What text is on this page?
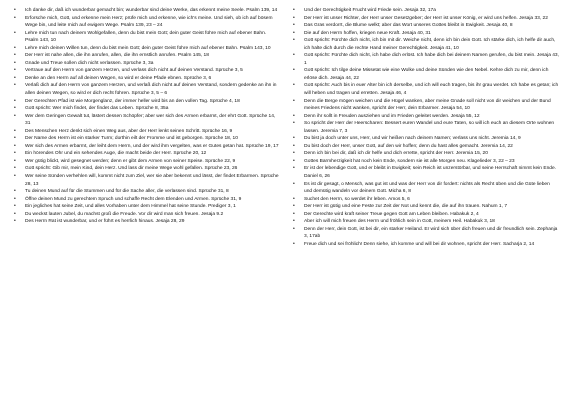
• Ich danke dir, daß ich wunderbar gemacht bin; wunderbar sind deine Werke, das erkennt meine Seele. Psalm 139, 14
• Erforsche mich, Gott, und erkenne mein Herz; prüfe mich und erkenne, wie ich's meine. Und sieh, ob ich auf bösem Wege bin, und leite mich auf ewigem Wege. Psalm 139, 23 – 24
• Lehre mich tun nach deinem Wohlgefallen, denn du bist mein Gott; dein guter Geist führe mich auf ebener Bahn. Psalm 143, 10
• Lehre mich deinen Willen tun, denn du bist mein Gott; dein guter Geist führe mich auf ebener Bahn. Psalm 143, 10
• Der Herr ist nahe allen, die ihn anrufen, allen, die ihn ernstlich anrufen. Psalm 145, 18
• Gnade und Treue sollen dich nicht verlassen. Sprüche 3, 3a
• Vertraue auf den Herrn von ganzem Herzen, und verlass dich nicht auf deinen Verstand. Sprüche 3, 5
• Denke an den Herrn auf all deinen Wegen, so wird er deine Pfade ebnen. Sprüche 3, 6
• Verlaß dich auf den Herrn von ganzem Herzen, und verlaß dich nicht auf deinen Verstand, sondern gedenke an ihn in allen deinen Wegen, so wird er dich recht führen. Sprüche 3, 5 – 6
• Der Gerechten Pfad ist wie Morgenglanz, der immer heller wird bis an den vollen Tag. Sprüche 4, 18
• Gott spricht: Wer mich findet, der findet das Leben. Sprüche 8, 35a
• Wer dem Geringen Gewalt tut, lästert dessen Schöpfer; aber wer sich des Armen erbarmt, der ehrt Gott. Sprüche 14, 31
• Des Menschen Herz denkt sich einen Weg aus, aber der Herr lenkt seinen Schritt. Sprüche 16, 9
• Der Name des Herrn ist ein starker Turm; dorthin eilt der Fromme und ist geborgen. Sprüche 18, 10
• Wer sich des Armen erbarmt, der leiht dem Herrn, und der wird ihm vergelten, was er Gutes getan hat. Sprüche 19, 17
• Ein hörendes Ohr und ein sehendes Auge, die macht beide der Herr. Sprüche 20, 12
• Wer gütig blickt, wird gesegnet werden; denn er gibt dem Armen von seiner Speise. Sprüche 22, 9
• Gott spricht: Gib mir, mein Kind, dein Herz. Und lass dir meine Wege wohl gefallen. Sprüche 23, 26
• Wer seine Sünden verhehlen will, kommt nicht zum Ziel, wer sie aber bekennt und lässt, der findet Erbarmen. Sprüche 28, 13
• Tu deinen Mund auf für die Stummen und für die Sache aller, die verlassen sind. Sprüche 31, 8
• Öffne deinen Mund zu gerechtem Spruch und schaffe Recht dem Elenden und Armen. Sprüche 31, 9
• Ein jegliches hat seine Zeit, und alles Vorhaben unter dem Himmel hat seine Stunde. Prediger 3, 1
• Du weckst lauten Jubel, du machst groß die Freude. Vor dir wird man sich freuen. Jesaja 9.2
• Des Herrn Rat ist wunderbar, und er führt es herrlich hinaus. Jesaja 28, 29
• Und der Gerechtigkeit Frucht wird Friede sein. Jesaja 32, 17a
• Der Herr ist unser Richter, der Herr unser Gesetzgeber; der Herr ist unser König, er wird uns helfen. Jesaja 33, 22
• Das Gras verdorrt, die Blume welkt; aber das Wort unseres Gottes bleibt in Ewigkeit. Jesaja 40, 8
• Die auf den Herrn hoffen, kriegen neue Kraft. Jesaja 40, 31
• Gott spricht: Fürchte dich nicht, ich bin mit dir. Weiche nicht, denn ich bin dein Gott. Ich stärke dich, ich helfe dir auch, ich halte dich durch die rechte Hand meiner Gerechtigkeit. Jesaja 41, 10
• Gott spricht: Fürchte dich nicht, ich habe dich erlöst. Ich habe dich bei deinem Namen gerufen, du bist mein. Jesaja 43, 1
• Gott spricht: Ich tilge deine Missetat wie eine Wolke und deine Sünden wie den Nebel. Kehre dich zu mir, denn ich erlöse dich. Jesaja 44, 22
• Gott spricht: Auch bis in euer Alter bin ich derselbe, und ich will euch tragen, bis ihr grau werdet. Ich habe es getan; ich will heben und tragen und erretten. Jesaja 46, 4
• Denn die Berge mögen weichen und die Hügel wanken, aber meine Gnade soll nicht von dir weichen und der Bund meines Friedens nicht wanken, spricht der Herr, dein Erbarmer. Jesaja 54, 10
• Denn ihr sollt in Freuden ausziehen und im Frieden geleitet werden. Jesaja 55, 12
• So spricht der Herr der Heerscharen: Bessert euren Wandel und eure Taten, so will ich euch an diesem Orte wohnen lassen. Jeremia 7, 3
• Du bist ja doch unter uns, Herr, und wir heißen nach deinem Namen; verlass uns nicht. Jeremia 14, 9
• Du bist doch der Herr, unser Gott, auf den wir hoffen; denn du hast alles gemacht. Jeremia 14, 22
• Denn ich bin bei dir, daß ich dir helfe und dich errette, spricht der Herr. Jeremia 15, 20
• Gottes Barmherzigkeit hat noch kein Ende, sondern sie ist alle Morgen neu. Klagelieder 3, 22 – 23
• Er ist der lebendige Gott, und er bleibt in Ewigkeit; sein Reich ist unzerstörbar, und seine Herrschaft nimmt kein Ende. Daniel 6, 26
• Es ist dir gesagt, o Mensch, was gut ist und was der Herr von dir fordert: nichts als Recht üben und die Güte lieben und demütig wandeln vor deinem Gott. Micha 6, 8
• Suchet den Herrn, so werdet ihr leben. Amos 5, 6
• Der Herr ist gütig und eine Feste zur Zeit der Not und kennt die, die auf ihn trauen. Nahum 1, 7
• Der Gerechte wird kraft seiner Treue gegen Gott am Leben bleiben. Habakuk 2, 4
• Aber ich will mich freuen des Herrn und fröhlich sein in Gott, meinem Heil. Habakuk 3, 18
• Denn der Herr, dein Gott, ist bei dir, ein starker Heiland. Er wird sich über dich freuen und dir freundlich sein. Zephanja 3, 17ab
• Freue dich und sei fröhlich! Denn siehe, ich komme und will bei dir wohnen, spricht der Herr. Sacharja 2, 14
